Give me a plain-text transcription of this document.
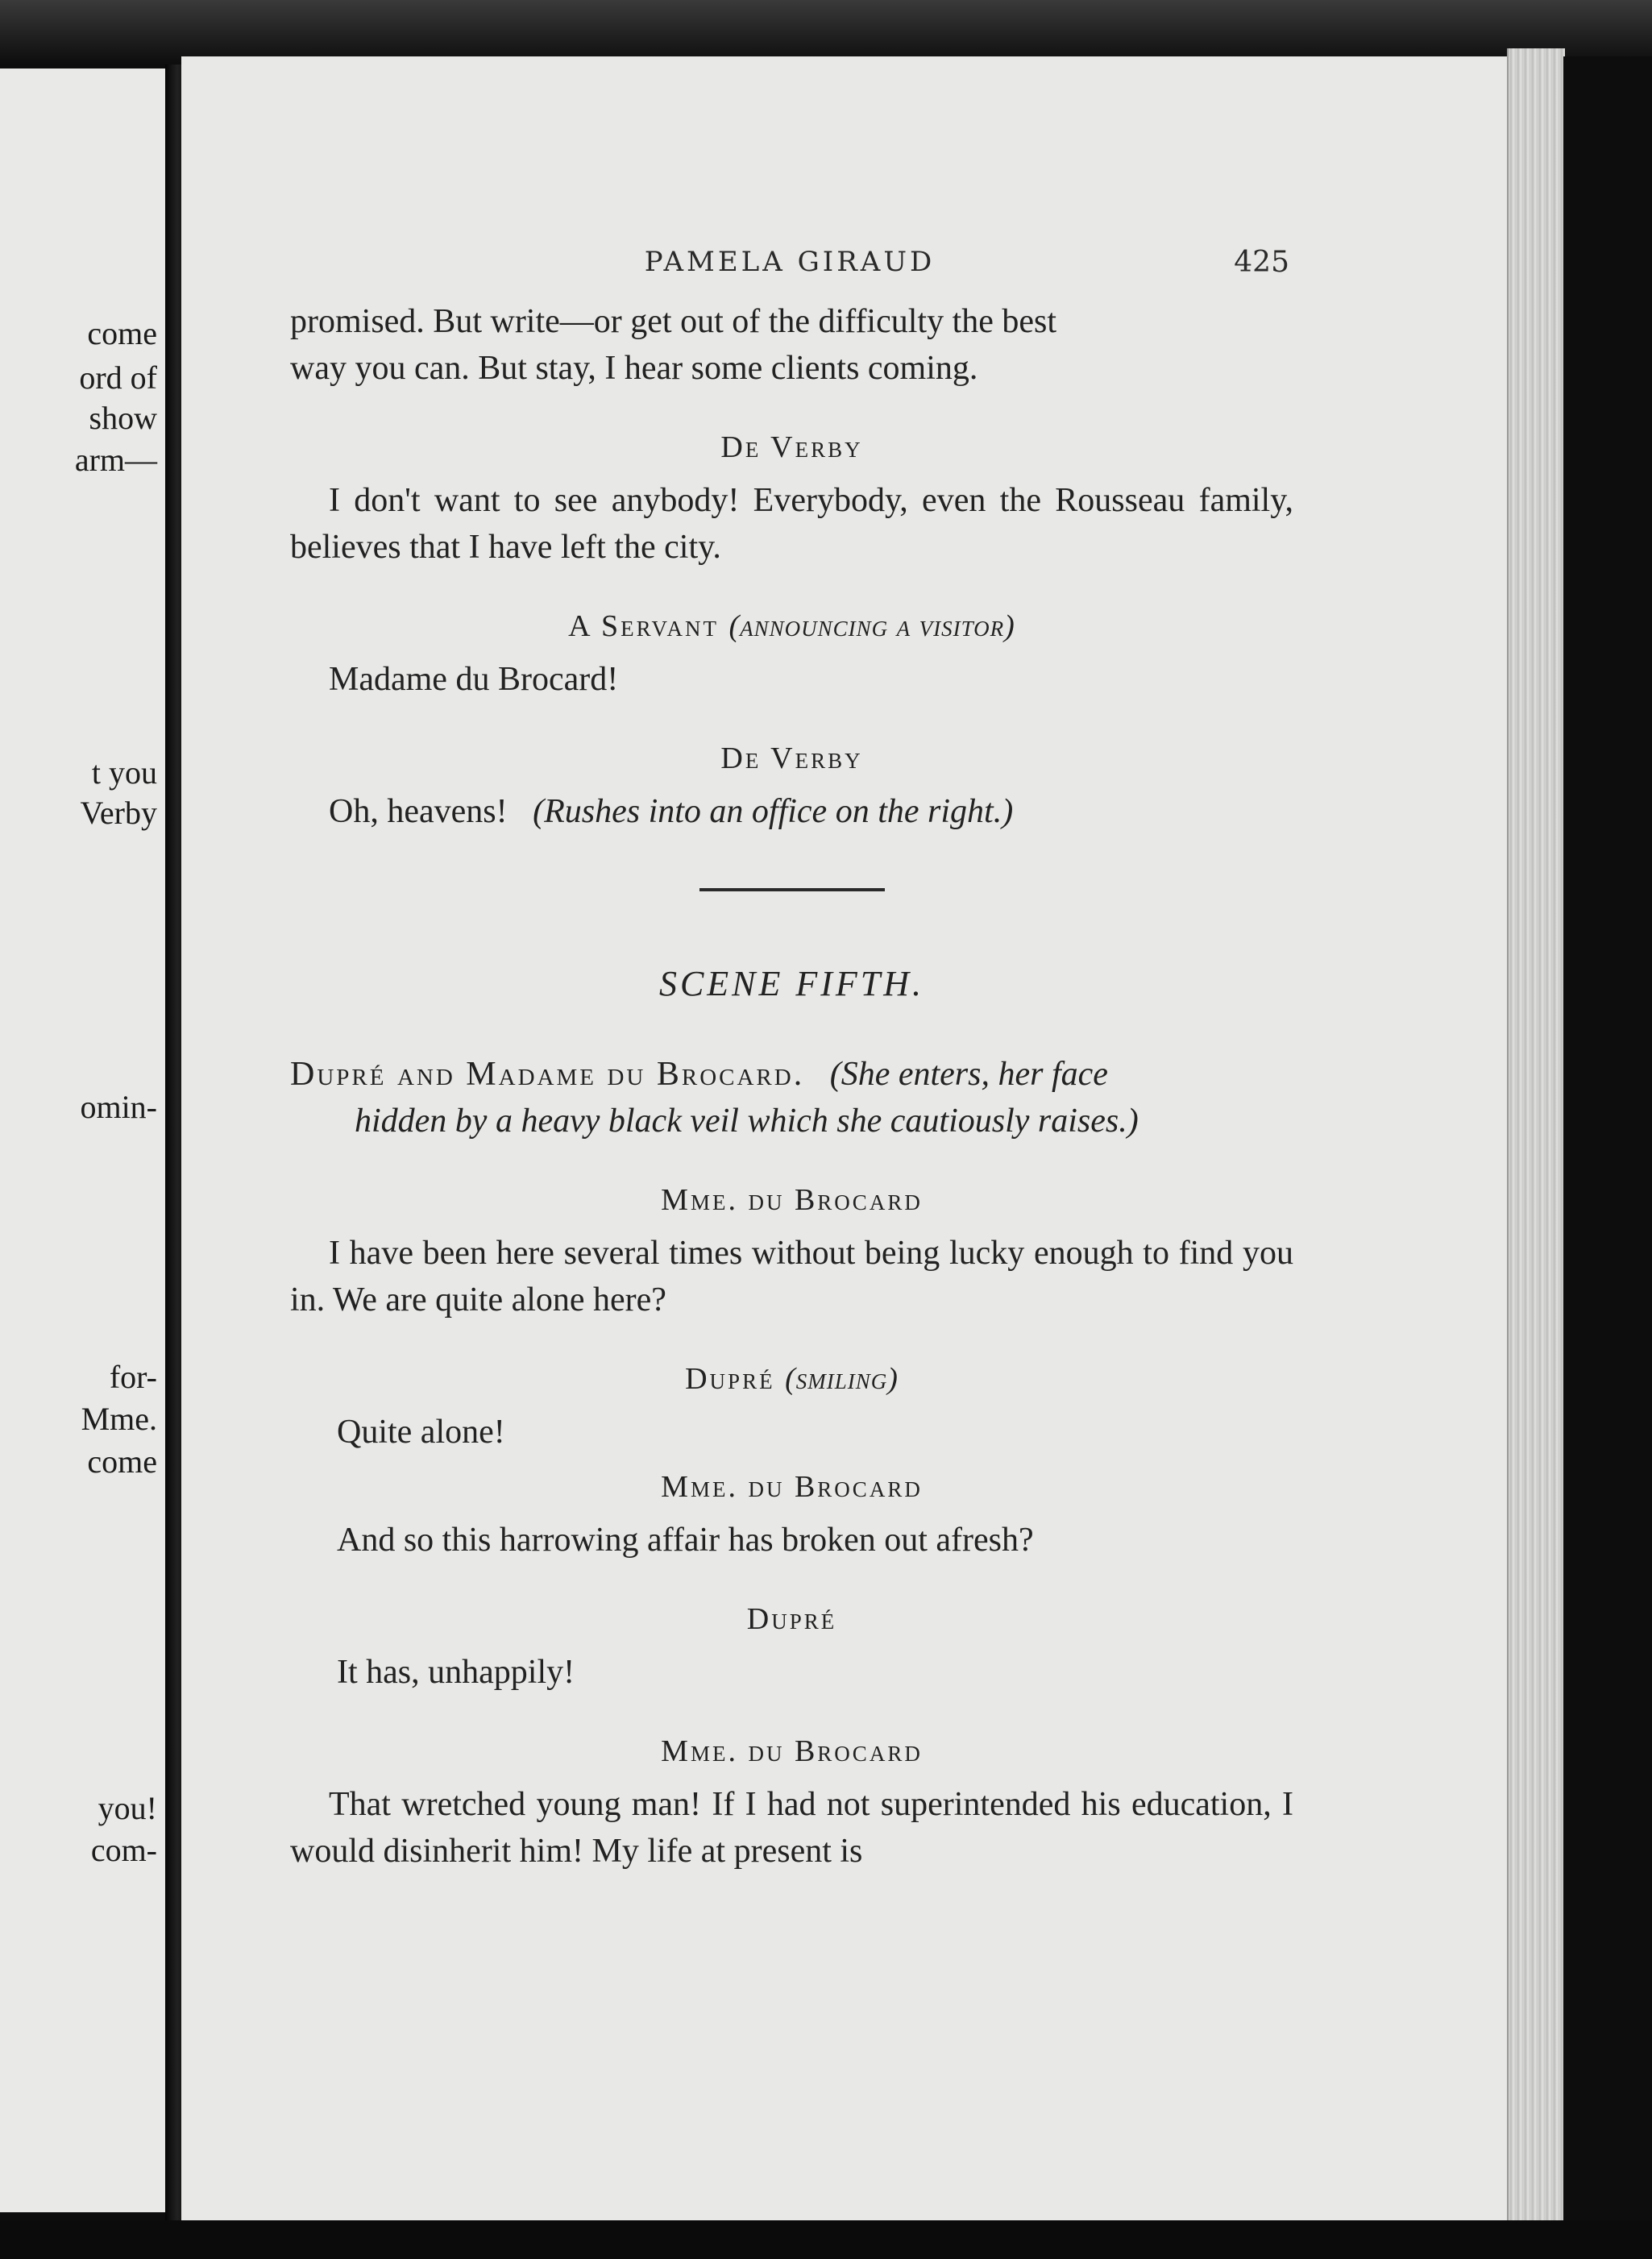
come
ord of
show
arm—
t you
Verby
omin-
for-
Mme.
come
you!
com-
PAMELA GIRAUD	425

promised. But write—or get out of the difficulty the best

way you can. But stay, I hear some clients coming.

De Verby

I don't want to see anybody! Everybody, even the Rousseau family, believes that I have left the city.

A Servant (announcing a visitor)

Madame du Brocard!

De Verby

Oh, heavens! (Rushes into an office on the right.)

SCENE FIFTH.

Dupré and Madame du Brocard. (She enters, her face

hidden by a heavy black veil which she cautiously raises.)

Mme. du Brocard

I have been here several times without being lucky enough to find you in. We are quite alone here?

Dupré (smiling)

Quite alone!

Mme. du Brocard

And so this harrowing affair has broken out afresh?

Dupré

It has, unhappily!

Mme. du Brocard

That wretched young man! If I had not superintended his education, I would disinherit him! My life at present is
